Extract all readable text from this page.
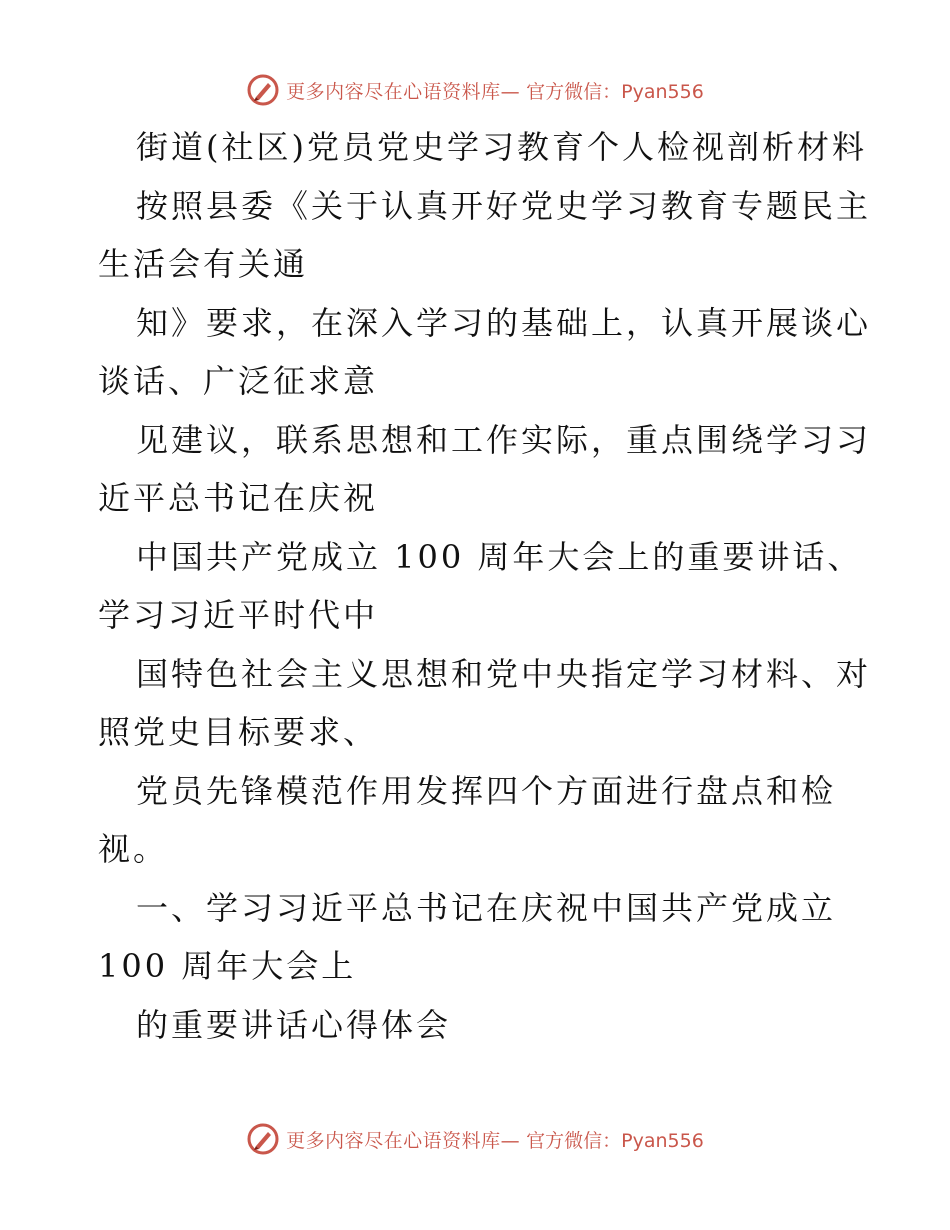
更多内容尽在心语资料库— 官方微信：Pyan556
街道(社区)党员党史学习教育个人检视剖析材料
按照县委《关于认真开好党史学习教育专题民主
生活会有关通
知》要求，在深入学习的基础上，认真开展谈心
谈话、广泛征求意
见建议，联系思想和工作实际，重点围绕学习习
近平总书记在庆祝
中国共产党成立 100 周年大会上的重要讲话、
学习习近平时代中
国特色社会主义思想和党中央指定学习材料、对
照党史目标要求、
党员先锋模范作用发挥四个方面进行盘点和检
视。
一、学习习近平总书记在庆祝中国共产党成立
100 周年大会上
的重要讲话心得体会
更多内容尽在心语资料库— 官方微信：Pyan556
